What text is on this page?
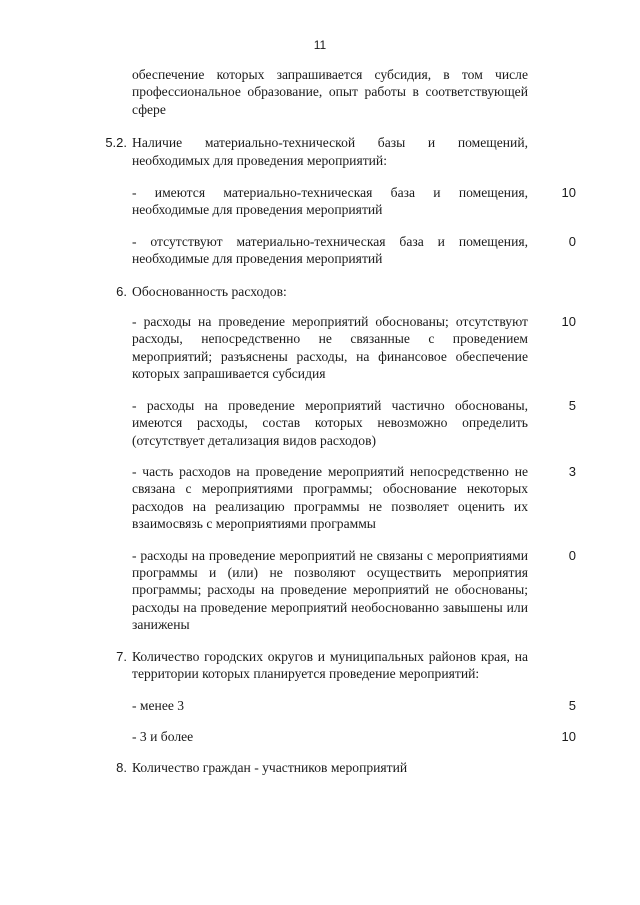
11
обеспечение которых запрашивается субсидия, в том числе профессиональное образование, опыт работы в соответствующей сфере
5.2. Наличие материально-технической базы и помещений, необходимых для проведения мероприятий:
- имеются материально-техническая база и помещения, необходимые для проведения мероприятий
10
- отсутствуют материально-техническая база и помещения, необходимые для проведения мероприятий
0
6. Обоснованность расходов:
- расходы на проведение мероприятий обоснованы; отсутствуют расходы, непосредственно не связанные с проведением мероприятий; разъяснены расходы, на финансовое обеспечение которых запрашивается субсидия
10
- расходы на проведение мероприятий частично обоснованы, имеются расходы, состав которых невозможно определить (отсутствует детализация видов расходов)
5
- часть расходов на проведение мероприятий непосредственно не связана с мероприятиями программы; обоснование некоторых расходов на реализацию программы не позволяет оценить их взаимосвязь с мероприятиями программы
3
- расходы на проведение мероприятий не связаны с мероприятиями программы и (или) не позволяют осуществить мероприятия программы; расходы на проведение мероприятий не обоснованы; расходы на проведение мероприятий необоснованно завышены или занижены
0
7. Количество городских округов и муниципальных районов края, на территории которых планируется проведение мероприятий:
- менее 3	5
- 3 и более	10
8. Количество граждан - участников мероприятий
